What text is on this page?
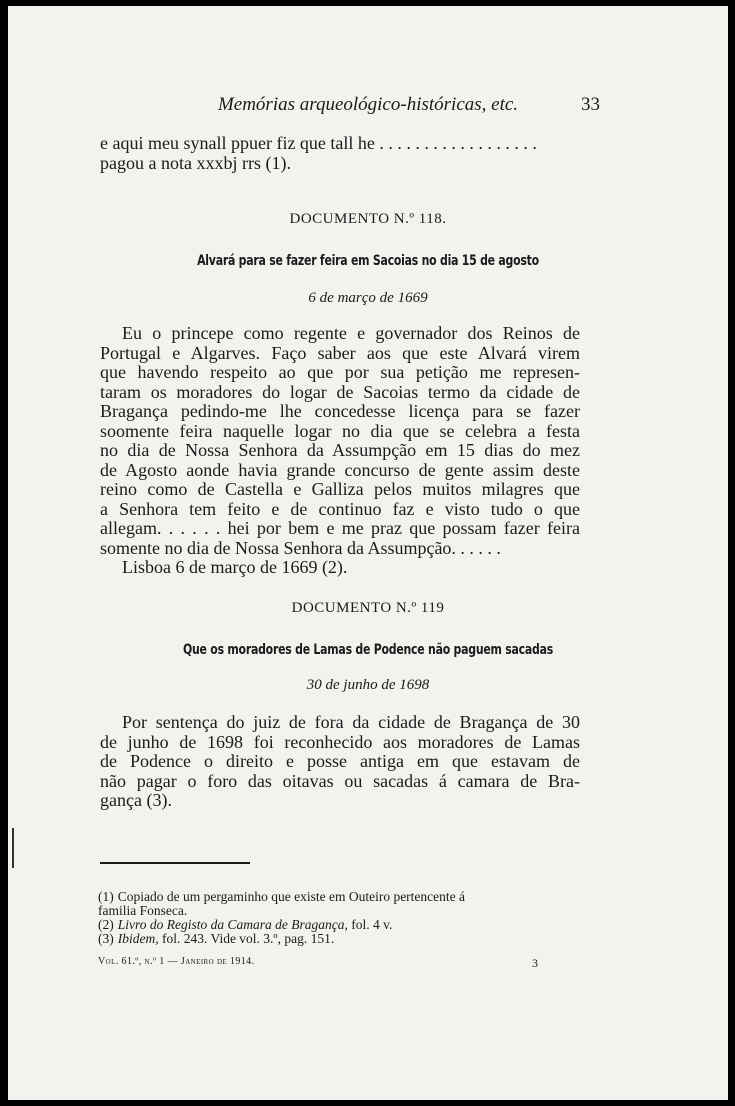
Memórias arqueológico-históricas, etc.	33
e aqui meu synall ppuer fiz que tall he . . . . . . . . . . . . . . . . . .
pagou a nota xxxbj rrs (1).
DOCUMENTO N.º 118.
Alvará para se fazer feira em Sacoias no dia 15 de agosto
6 de março de 1669
Eu o princepe como regente e governador dos Reinos de
Portugal e Algarves. Faço saber aos que este Alvará virem
que havendo respeito ao que por sua petição me represen-
taram os moradores do logar de Sacoias termo da cidade de
Bragança pedindo-me lhe concedesse licença para se fazer
soomente feira naquelle logar no dia que se celebra a festa
no dia de Nossa Senhora da Assumpção em 15 dias do mez
de Agosto aonde havia grande concurso de gente assim deste
reino como de Castella e Galliza pelos muitos milagres que
a Senhora tem feito e de continuo faz e visto tudo o que
allegam. . . . . . hei por bem e me praz que possam fazer feira
somente no dia de Nossa Senhora da Assumpção. . . . . .
Lisboa 6 de março de 1669 (2).
DOCUMENTO N.º 119
Que os moradores de Lamas de Podence não paguem sacadas
30 de junho de 1698
Por sentença do juiz de fora da cidade de Bragança de 30
de junho de 1698 foi reconhecido aos moradores de Lamas
de Podence o direito e posse antiga em que estavam de
não pagar o foro das oitavas ou sacadas á camara de Bra-
gança (3).
(1) Copiado de um pergaminho que existe em Outeiro pertencente á
familia Fonseca.
(2) Livro do Registo da Camara de Bragança, fol. 4 v.
(3) Ibidem, fol. 243. Vide vol. 3.º, pag. 151.
Vol. 61.º, n.º 1 — Janeiro de 1914.	3
